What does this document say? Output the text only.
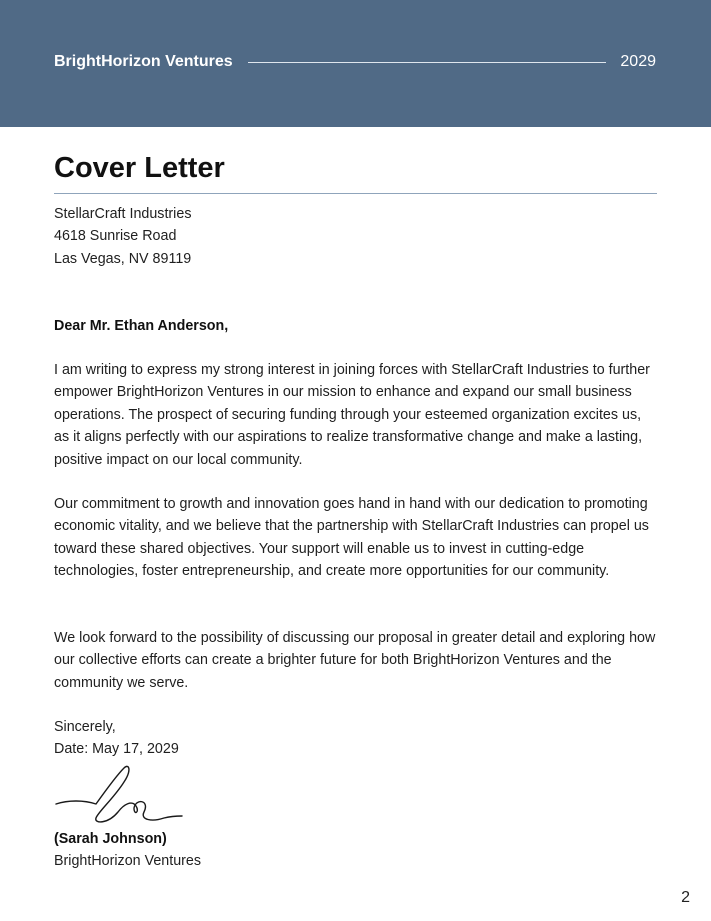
BrightHorizon Ventures	2029
Cover Letter
StellarCraft Industries
4618 Sunrise Road
Las Vegas, NV 89119
Dear Mr. Ethan Anderson,
I am writing to express my strong interest in joining forces with StellarCraft Industries to further empower BrightHorizon Ventures in our mission to enhance and expand our small business operations. The prospect of securing funding through your esteemed organization excites us, as it aligns perfectly with our aspirations to realize transformative change and make a lasting, positive impact on our local community.
Our commitment to growth and innovation goes hand in hand with our dedication to promoting economic vitality, and we believe that the partnership with StellarCraft Industries can propel us toward these shared objectives. Your support will enable us to invest in cutting-edge technologies, foster entrepreneurship, and create more opportunities for our community.
We look forward to the possibility of discussing our proposal in greater detail and exploring how our collective efforts can create a brighter future for both BrightHorizon Ventures and the community we serve.
Sincerely,
Date: May 17, 2029
(Sarah Johnson)
BrightHorizon Ventures
2
